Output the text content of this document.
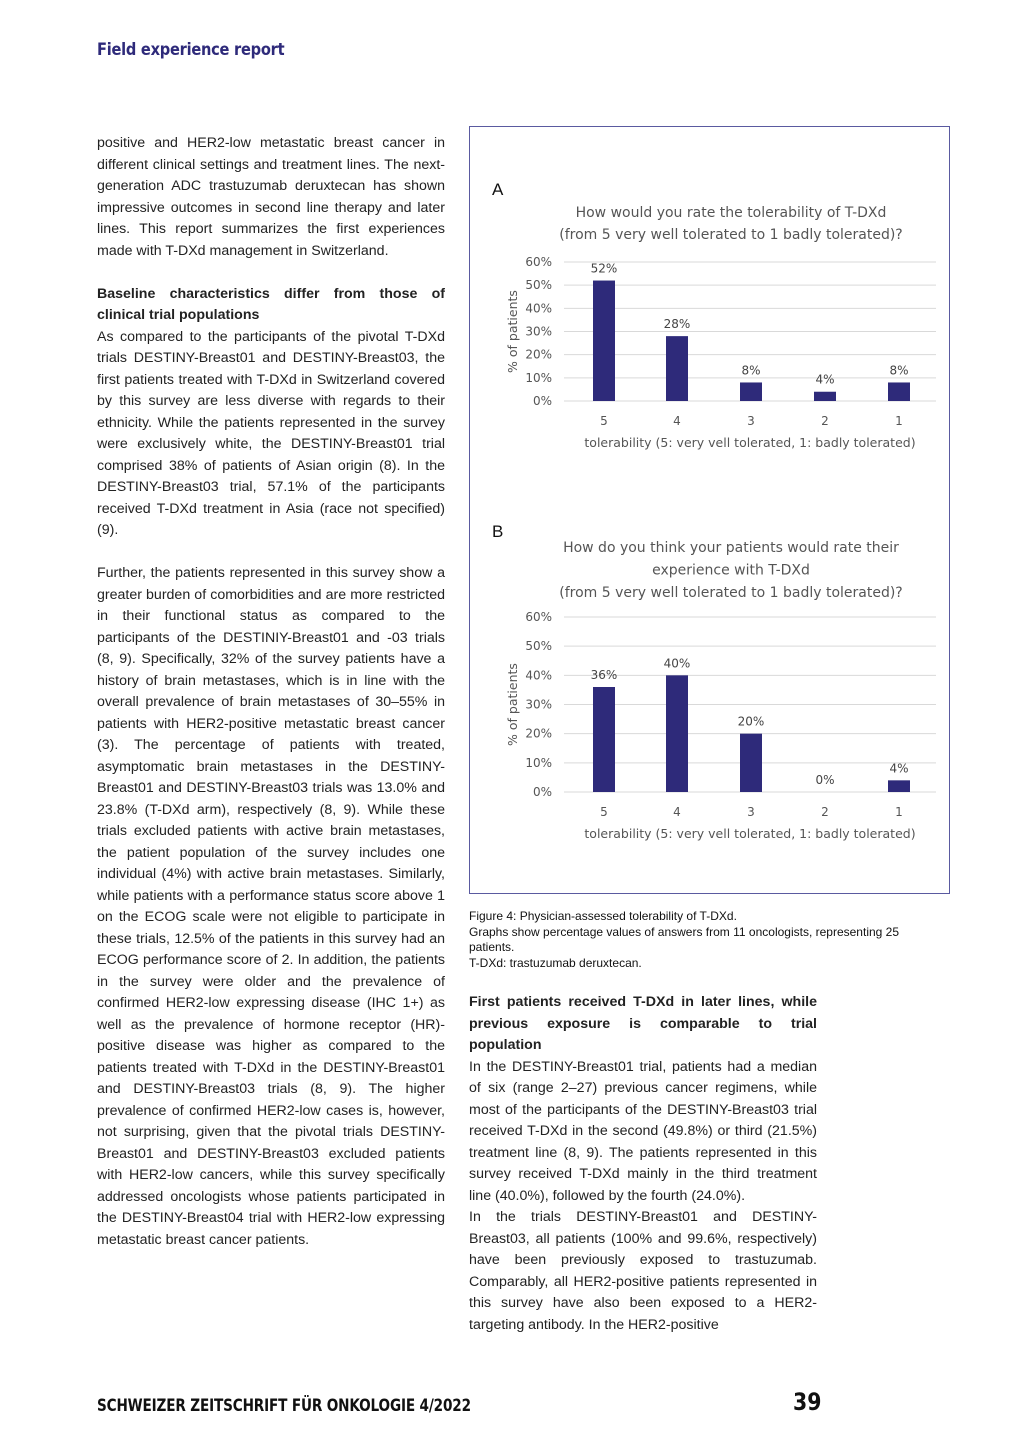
Field experience report

positive and HER2-low metastatic breast cancer in different clinical settings and treatment lines. The next-generation ADC trastuzumab deruxtecan has shown impressive outcomes in second line therapy and later lines. This report summarizes the first experiences made with T-DXd management in Switzerland.

Baseline characteristics differ from those of clinical trial populations

As compared to the participants of the pivotal T-DXd trials DESTINY-Breast01 and DESTINY-Breast03, the first patients treated with T-DXd in Switzerland covered by this survey are less diverse with regards to their ethnicity. While the patients represented in the survey were exclusively white, the DESTINY-Breast01 trial comprised 38% of patients of Asian origin (8). In the DESTINY-Breast03 trial, 57.1% of the participants received T-DXd treatment in Asia (race not specified) (9).

Further, the patients represented in this survey show a greater burden of comorbidities and are more restricted in their functional status as compared to the participants of the DESTINIY-Breast01 and -03 trials (8, 9). Specifically, 32% of the survey patients have a history of brain metastases, which is in line with the overall prevalence of brain metastases of 30–55% in patients with HER2-positive metastatic breast cancer (3). The percentage of patients with treated, asymptomatic brain metastases in the DESTINY-Breast01 and DESTINY-Breast03 trials was 13.0% and 23.8% (T-DXd arm), respectively (8, 9). While these trials excluded patients with active brain metastases, the patient population of the survey includes one individual (4%) with active brain metastases. Similarly, while patients with a performance status score above 1 on the ECOG scale were not eligible to participate in these trials, 12.5% of the patients in this survey had an ECOG performance score of 2. In addition, the patients in the survey were older and the prevalence of confirmed HER2-low expressing disease (IHC 1+) as well as the prevalence of hormone receptor (HR)-positive disease was higher as compared to the patients treated with T-DXd in the DESTINY-Breast01 and DESTINY-Breast03 trials (8, 9). The higher prevalence of confirmed HER2-low cases is, however, not surprising, given that the pivotal trials DESTINY-Breast01 and DESTINY-Breast03 excluded patients with HER2-low cancers, while this survey specifically addressed oncologists whose patients participated in the DESTINY-Breast04 trial with HER2-low expressing metastatic breast cancer patients.

A
How would you rate the tolerability of T-DXd
(from 5 very well tolerated to 1 badly tolerated)?
0%
10%
20%
30%
40%
50%
60%	52%
5
28%
4
8%
3
4%
2
8%
1
tolerability (5: very vell tolerated, 1: badly tolerated)
% of patients
B
How do you think your patients would rate their
experience with T-DXd
(from 5 very well tolerated to 1 badly tolerated)?
0%
10%
20%
30%
40%
50%
60%
36%
5
40%
4
20%
3
0%
2
4%
1
tolerability (5: very vell tolerated, 1: badly tolerated)
% of patients
Figure 4: Physician-assessed tolerability of T-DXd.
Graphs show percentage values of answers from 11 oncologists, representing 25 patients.
T-DXd: trastuzumab deruxtecan.
First patients received T-DXd in later lines, while previous exposure is comparable to trial population

In the DESTINY-Breast01 trial, patients had a median of six (range 2–27) previous cancer regimens, while most of the participants of the DESTINY-Breast03 trial received T-DXd in the second (49.8%) or third (21.5%) treatment line (8, 9). The patients represented in this survey received T-DXd mainly in the third treatment line (40.0%), followed by the fourth (24.0%).

In the trials DESTINY-Breast01 and DESTINY-Breast03, all patients (100% and 99.6%, respectively) have been previously exposed to trastuzumab. Comparably, all HER2-positive patients represented in this survey have also been exposed to a HER2-targeting antibody. In the HER2-positive

SCHWEIZER ZEITSCHRIFT FÜR ONKOLOGIE 4/2022	39
